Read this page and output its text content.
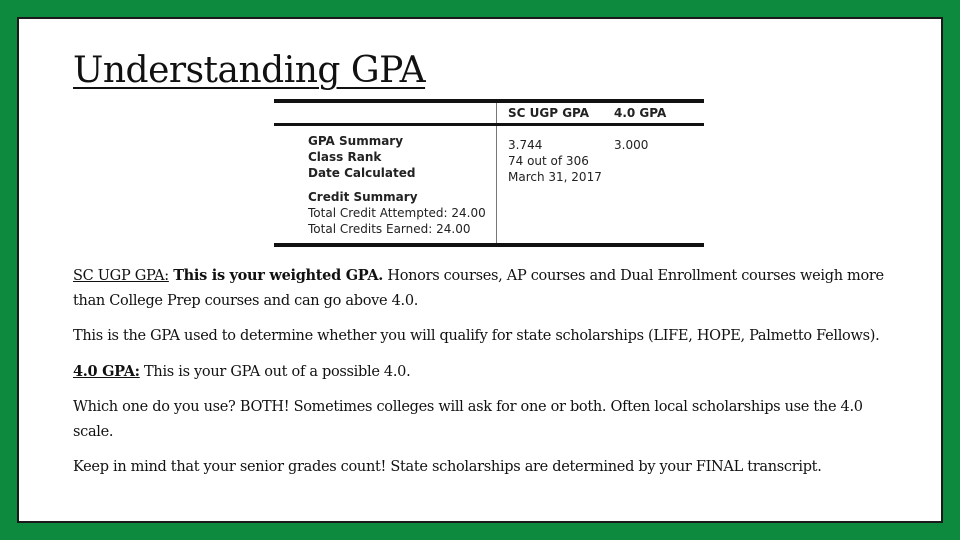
Understanding GPA
SC UGP GPA 4.0 GPA
GPA Summary
Class Rank
Date Calculated
3.744
74 out of 306
March 31, 2017
3.000
Credit Summary
Total Credit Attempted: 24.00
Total Credits Earned: 24.00

SC UGP GPA: This is your weighted GPA. Honors courses, AP courses and Dual Enrollment courses weigh more than College Prep courses and can go above 4.0.

This is the GPA used to determine whether you will qualify for state scholarships (LIFE, HOPE, Palmetto Fellows).

4.0 GPA: This is your GPA out of a possible 4.0.

Which one do you use? BOTH! Sometimes colleges will ask for one or both. Often local scholarships use the 4.0 scale.

Keep in mind that your senior grades count! State scholarships are determined by your FINAL transcript.
